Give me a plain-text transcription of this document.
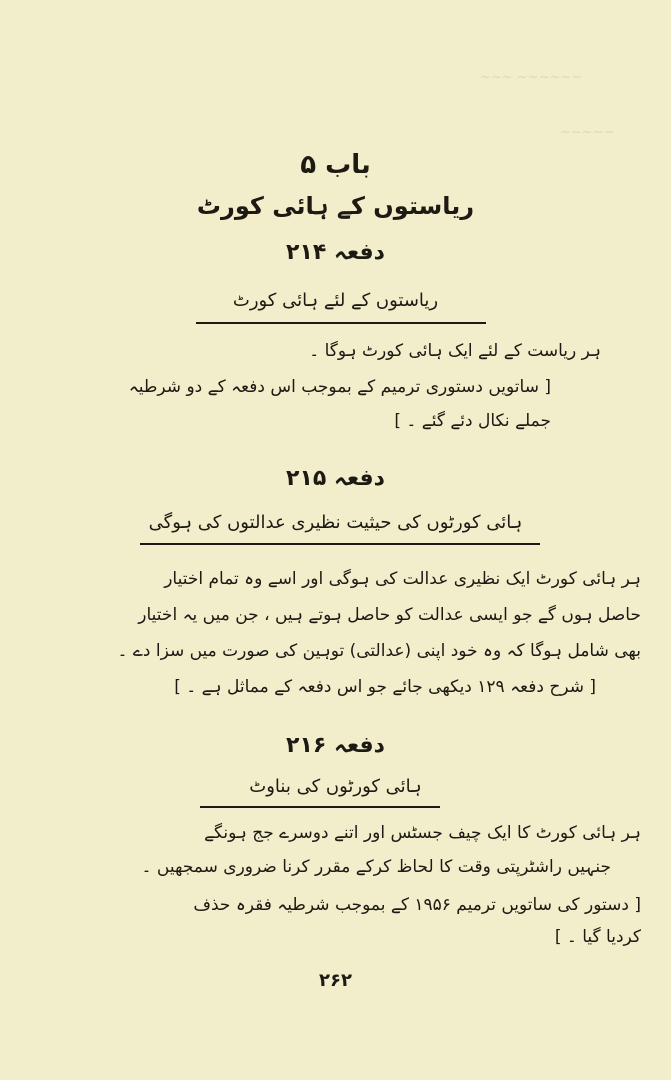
~~~~~~ ~~~
~~~~~
باب ۵
ریاستوں کے ہائی کورٹ
دفعہ ۲۱۴
ریاستوں کے لئے ہائی کورٹ
ہر ریاست کے لئے ایک ہائی کورٹ ہوگا ۔
[ ساتویں دستوری ترمیم کے بموجب اس دفعہ کے دو شرطیہ
جملے نکال دئے گئے ۔ ]
دفعہ ۲۱۵
ہائی کورٹوں کی حیثیت نظیری عدالتوں کی ہوگی
ہر ہائی کورٹ ایک نظیری عدالت کی ہوگی اور اسے وہ تمام اختیار
حاصل ہوں گے جو ایسی عدالت کو حاصل ہوتے ہیں ، جن میں یہ اختیار
بھی شامل ہوگا کہ وہ خود اپنی (عدالتی) توہین کی صورت میں سزا دے ۔
[ شرح دفعہ ۱۲۹ دیکھی جائے جو اس دفعہ کے مماثل ہے ۔ ]
دفعہ ۲۱۶
ہائی کورٹوں کی بناوٹ
ہر ہائی کورٹ کا ایک چیف جسٹس اور اتنے دوسرے جج ہونگے
جنہیں راشٹرپتی وقت کا لحاظ کرکے مقرر کرنا ضروری سمجھیں ۔
[ دستور کی ساتویں ترمیم ۱۹۵۶ کے بموجب شرطیہ فقرہ حذف
کردیا گیا ۔ ]
۲۶۲
